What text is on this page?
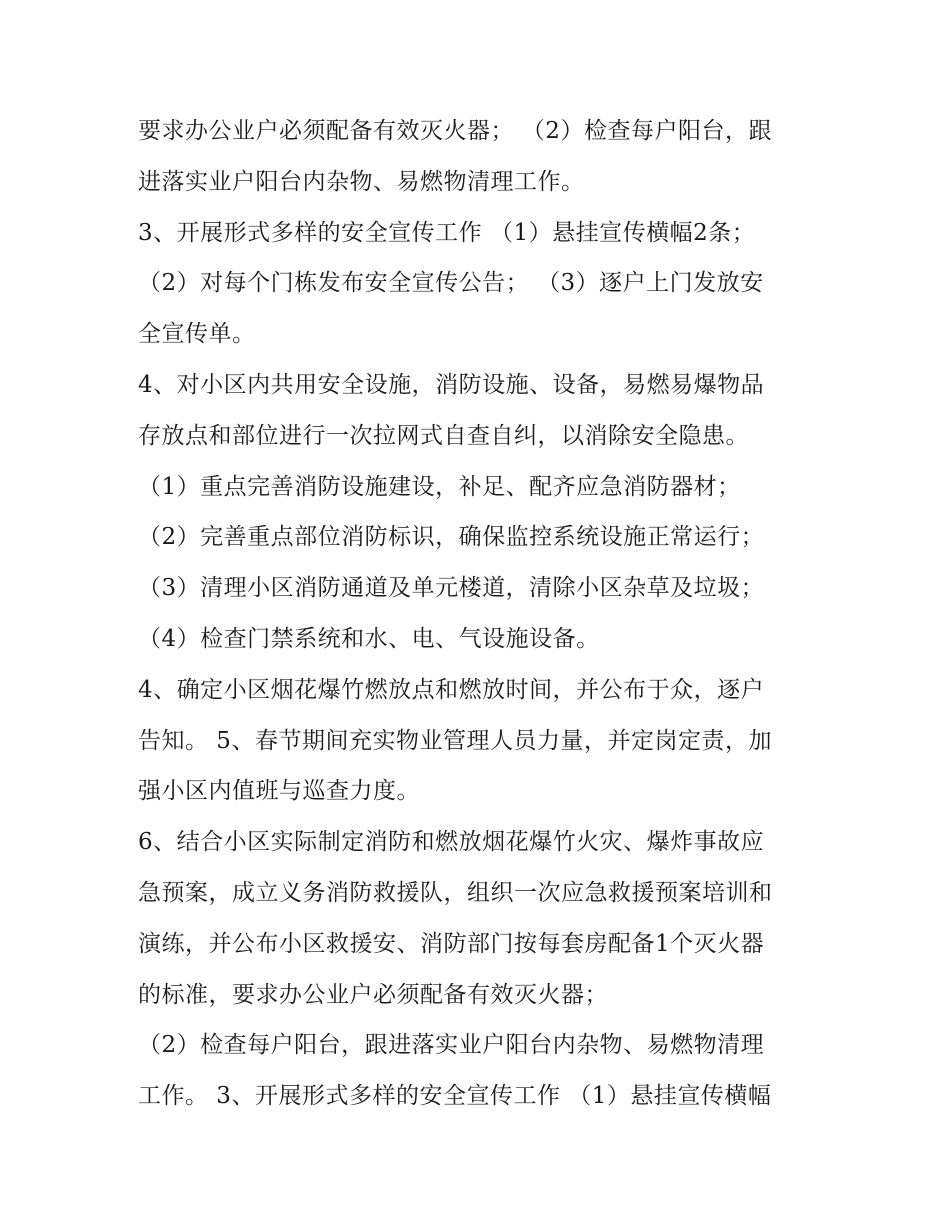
要求办公业户必须配备有效灭火器； （2）检查每户阳台，跟
进落实业户阳台内杂物、易燃物清理工作。
3、开展形式多样的安全宣传工作 （1）悬挂宣传横幅2条；
（2）对每个门栋发布安全宣传公告； （3）逐户上门发放安
全宣传单。
4、对小区内共用安全设施，消防设施、设备，易燃易爆物品
存放点和部位进行一次拉网式自查自纠，以消除安全隐患。
（1）重点完善消防设施建设，补足、配齐应急消防器材；
（2）完善重点部位消防标识，确保监控系统设施正常运行；
（3）清理小区消防通道及单元楼道，清除小区杂草及垃圾；
（4）检查门禁系统和水、电、气设施设备。
4、确定小区烟花爆竹燃放点和燃放时间，并公布于众，逐户
告知。 5、春节期间充实物业管理人员力量，并定岗定责，加
强小区内值班与巡查力度。
6、结合小区实际制定消防和燃放烟花爆竹火灾、爆炸事故应
急预案，成立义务消防救援队，组织一次应急救援预案培训和
演练，并公布小区救援安、消防部门按每套房配备1个灭火器
的标准，要求办公业户必须配备有效灭火器；
（2）检查每户阳台，跟进落实业户阳台内杂物、易燃物清理
工作。 3、开展形式多样的安全宣传工作 （1）悬挂宣传横幅
